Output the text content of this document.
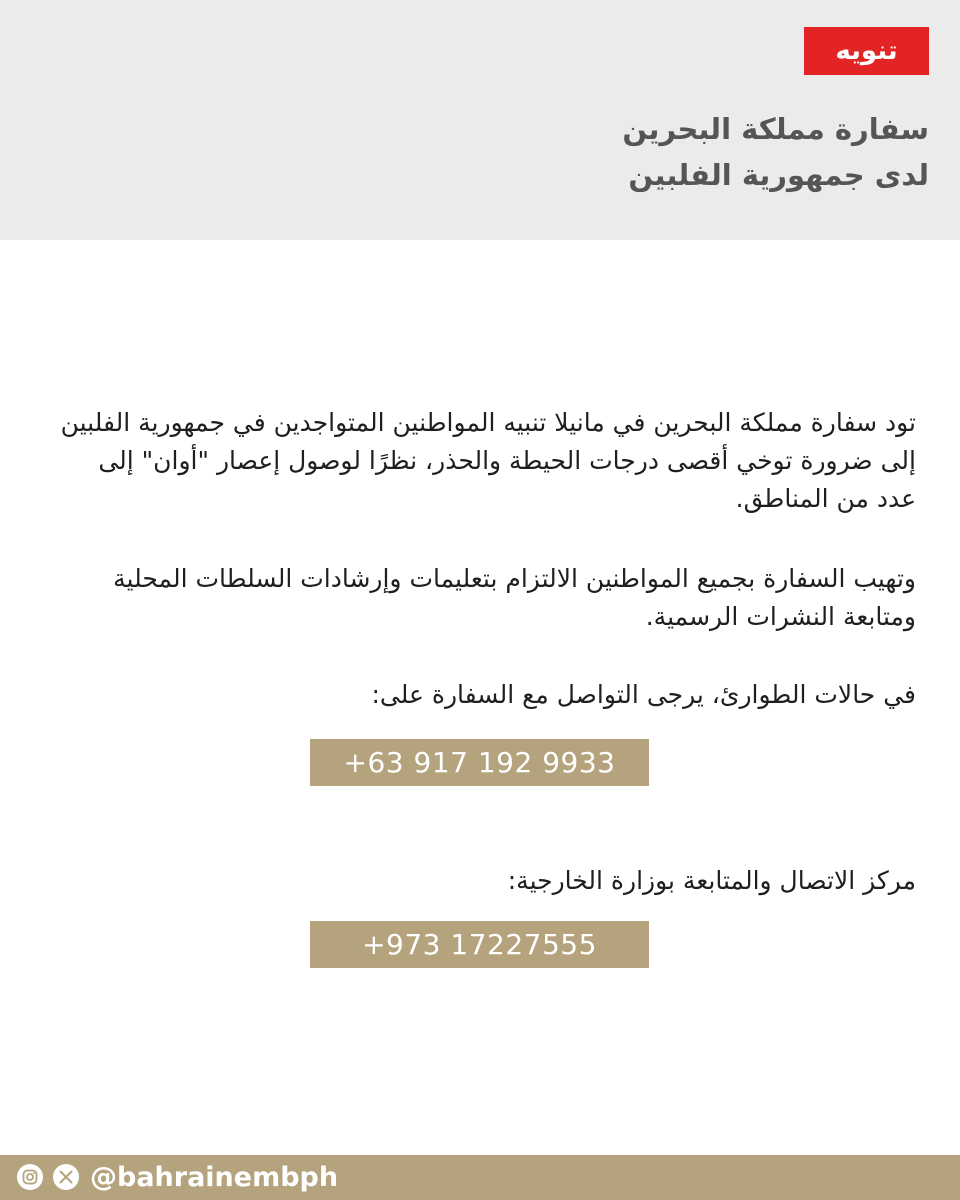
تنويه
سفارة مملكة البحرين
لدى جمهورية الفلبين
تود سفارة مملكة البحرين في مانيلا تنبيه المواطنين المتواجدين في جمهورية الفلبين إلى ضرورة توخي أقصى درجات الحيطة والحذر، نظرًا لوصول إعصار "أوان" إلى عدد من المناطق.
وتهيب السفارة بجميع المواطنين الالتزام بتعليمات وإرشادات السلطات المحلية ومتابعة النشرات الرسمية.
في حالات الطوارئ، يرجى التواصل مع السفارة على:
+63 917 192 9933
مركز الاتصال والمتابعة بوزارة الخارجية:
+973 17227555
@bahrainembph
